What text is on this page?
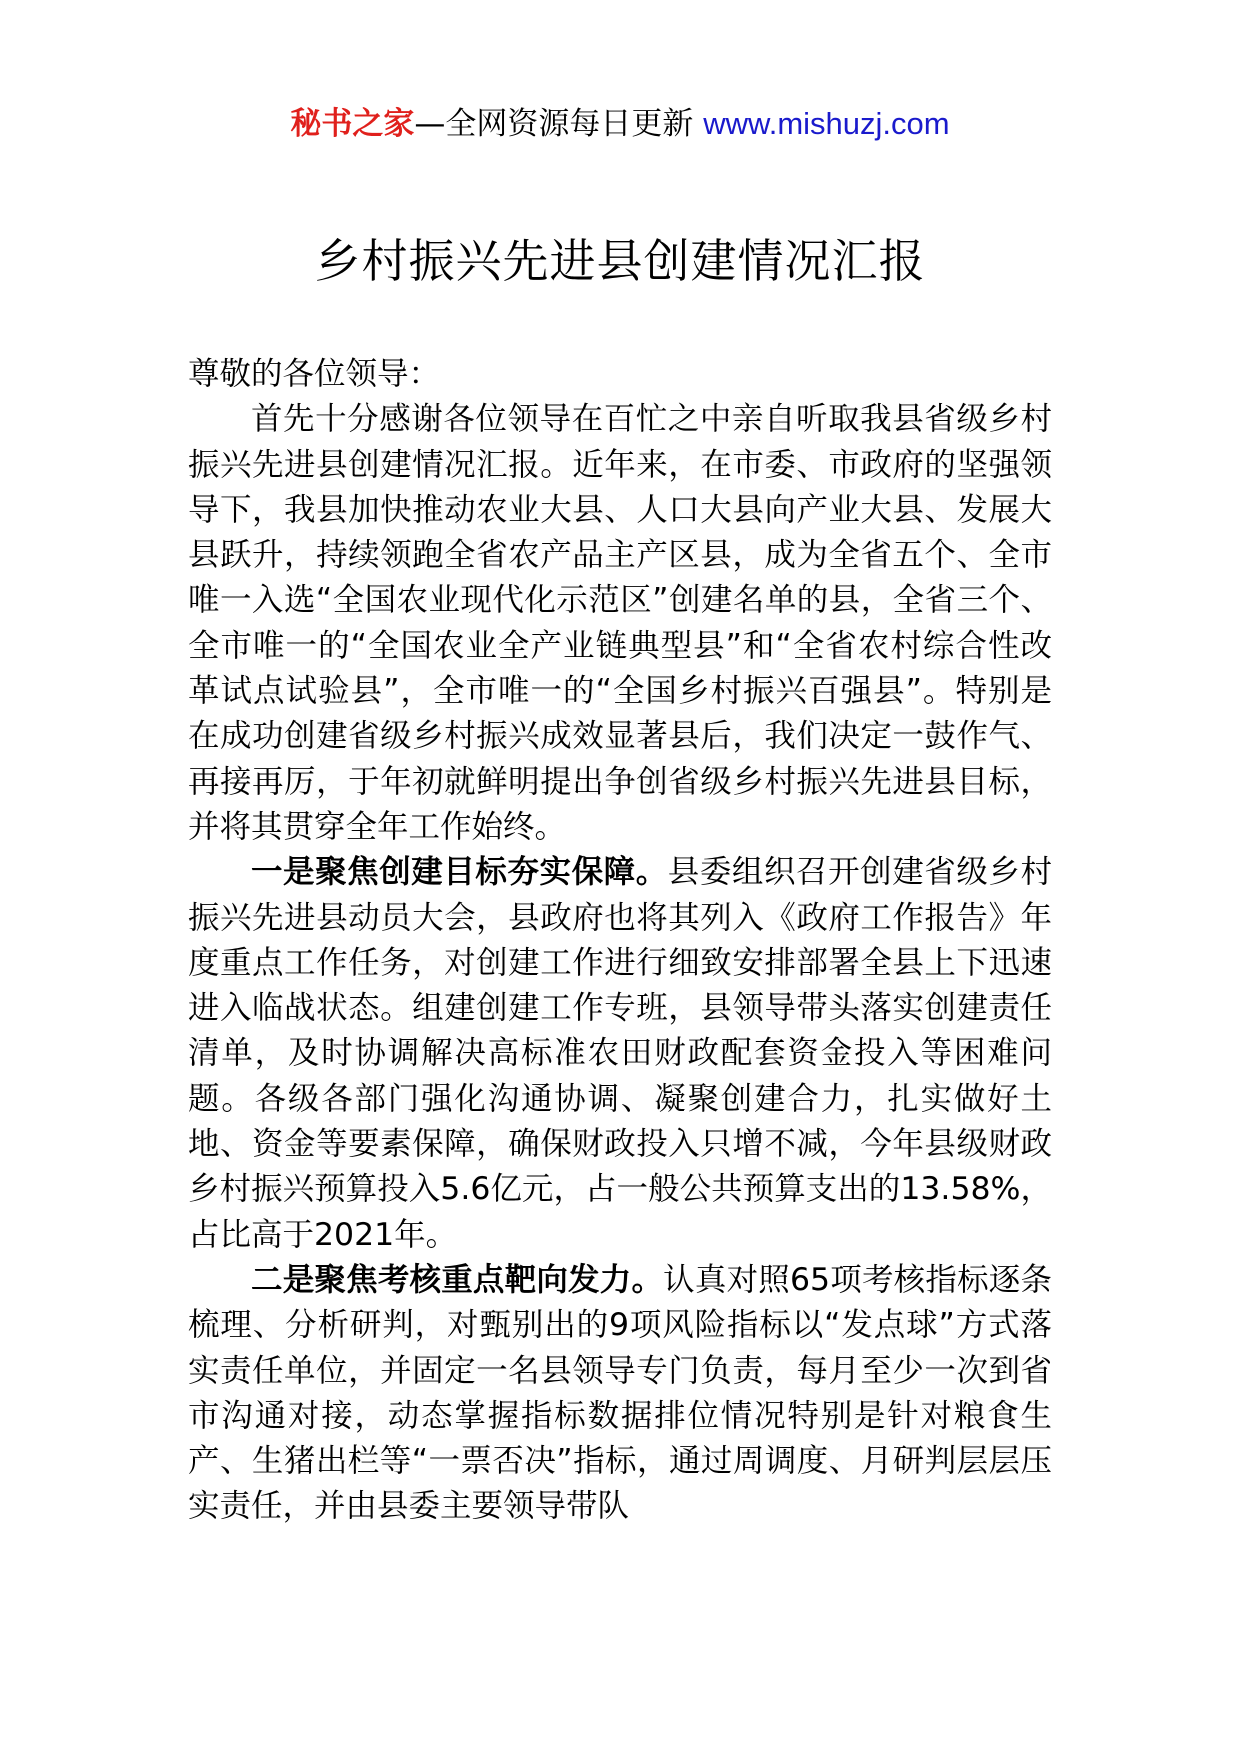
秘书之家—全网资源每日更新 www.mishuzj.com
乡村振兴先进县创建情况汇报

尊敬的各位领导：

首先十分感谢各位领导在百忙之中亲自听取我县省级乡村振兴先进县创建情况汇报。近年来，在市委、市政府的坚强领导下，我县加快推动农业大县、人口大县向产业大县、发展大县跃升，持续领跑全省农产品主产区县，成为全省五个、全市唯一入选“全国农业现代化示范区”创建名单的县，全省三个、全市唯一的“全国农业全产业链典型县”和“全省农村综合性改革试点试验县”，全市唯一的“全国乡村振兴百强县”。特别是在成功创建省级乡村振兴成效显著县后，我们决定一鼓作气、再接再厉，于年初就鲜明提出争创省级乡村振兴先进县目标，并将其贯穿全年工作始终。

一是聚焦创建目标夯实保障。县委组织召开创建省级乡村振兴先进县动员大会，县政府也将其列入《政府工作报告》年度重点工作任务，对创建工作进行细致安排部署全县上下迅速进入临战状态。组建创建工作专班，县领导带头落实创建责任清单，及时协调解决高标准农田财政配套资金投入等困难问题。各级各部门强化沟通协调、凝聚创建合力，扎实做好土地、资金等要素保障，确保财政投入只增不减，今年县级财政乡村振兴预算投入5.6亿元，占一般公共预算支出的13.58%，占比高于2021年。

二是聚焦考核重点靶向发力。认真对照65项考核指标逐条梳理、分析研判，对甄别出的9项风险指标以“发点球”方式落实责任单位，并固定一名县领导专门负责，每月至少一次到省市沟通对接，动态掌握指标数据排位情况特别是针对粮食生产、生猪出栏等“一票否决”指标，通过周调度、月研判层层压实责任，并由县委主要领导带队
